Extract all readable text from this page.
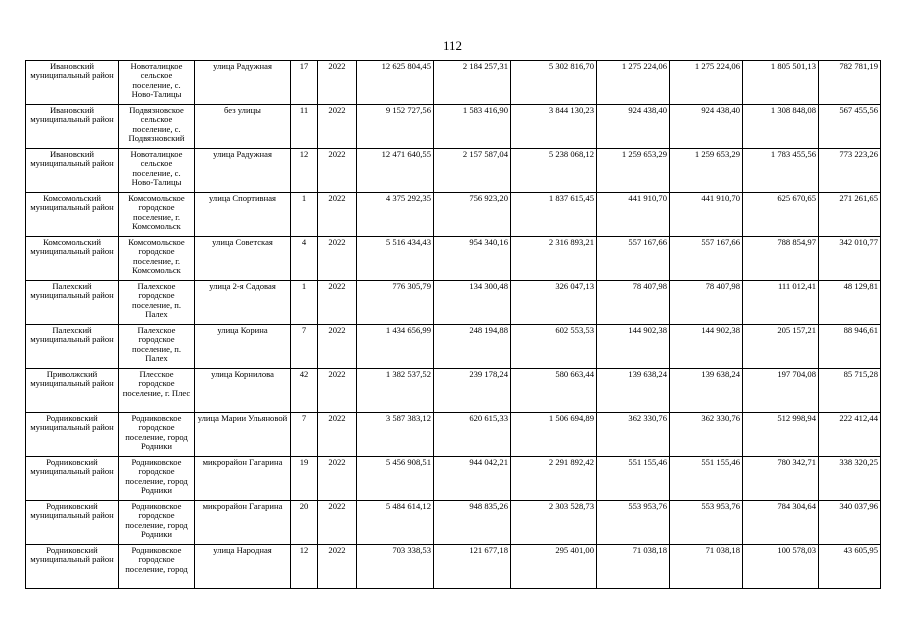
112
Ивановский муниципальный район	Новоталицкое сельское поселение, с. Ново-Талицы	улица Радужная	17	2022	12 625 804,45	2 184 257,31	5 302 816,70	1 275 224,06	1 275 224,06	1 805 501,13	782 781,19
Ивановский муниципальный район	Подвязновское сельское поселение, с. Подвязновский	без улицы	11	2022	9 152 727,56	1 583 416,90	3 844 130,23	924 438,40	924 438,40	1 308 848,08	567 455,56
Ивановский муниципальный район	Новоталицкое сельское поселение, с. Ново-Талицы	улица Радужная	12	2022	12 471 640,55	2 157 587,04	5 238 068,12	1 259 653,29	1 259 653,29	1 783 455,56	773 223,26
Комсомольский муниципальный район	Комсомольское городское поселение, г. Комсомольск	улица Спортивная	1	2022	4 375 292,35	756 923,20	1 837 615,45	441 910,70	441 910,70	625 670,65	271 261,65
Комсомольский муниципальный район	Комсомольское городское поселение, г. Комсомольск	улица Советская	4	2022	5 516 434,43	954 340,16	2 316 893,21	557 167,66	557 167,66	788 854,97	342 010,77
Палехский муниципальный район	Палехское городское поселение, п. Палех	улица 2-я Садовая	1	2022	776 305,79	134 300,48	326 047,13	78 407,98	78 407,98	111 012,41	48 129,81
Палехский муниципальный район	Палехское городское поселение, п. Палех	улица Корина	7	2022	1 434 656,99	248 194,88	602 553,53	144 902,38	144 902,38	205 157,21	88 946,61
Приволжский муниципальный район	Плесское городское поселение, г. Плес	улица Корнилова	42	2022	1 382 537,52	239 178,24	580 663,44	139 638,24	139 638,24	197 704,08	85 715,28
Родниковский муниципальный район	Родниковское городское поселение, город Родники	улица Марии Ульяновой	7	2022	3 587 383,12	620 615,33	1 506 694,89	362 330,76	362 330,76	512 998,94	222 412,44
Родниковский муниципальный район	Родниковское городское поселение, город Родники	микрорайон Гагарина	19	2022	5 456 908,51	944 042,21	2 291 892,42	551 155,46	551 155,46	780 342,71	338 320,25
Родниковский муниципальный район	Родниковское городское поселение, город Родники	микрорайон Гагарина	20	2022	5 484 614,12	948 835,26	2 303 528,73	553 953,76	553 953,76	784 304,64	340 037,96
Родниковский муниципальный район	Родниковское городское поселение, город	улица Народная	12	2022	703 338,53	121 677,18	295 401,00	71 038,18	71 038,18	100 578,03	43 605,95
